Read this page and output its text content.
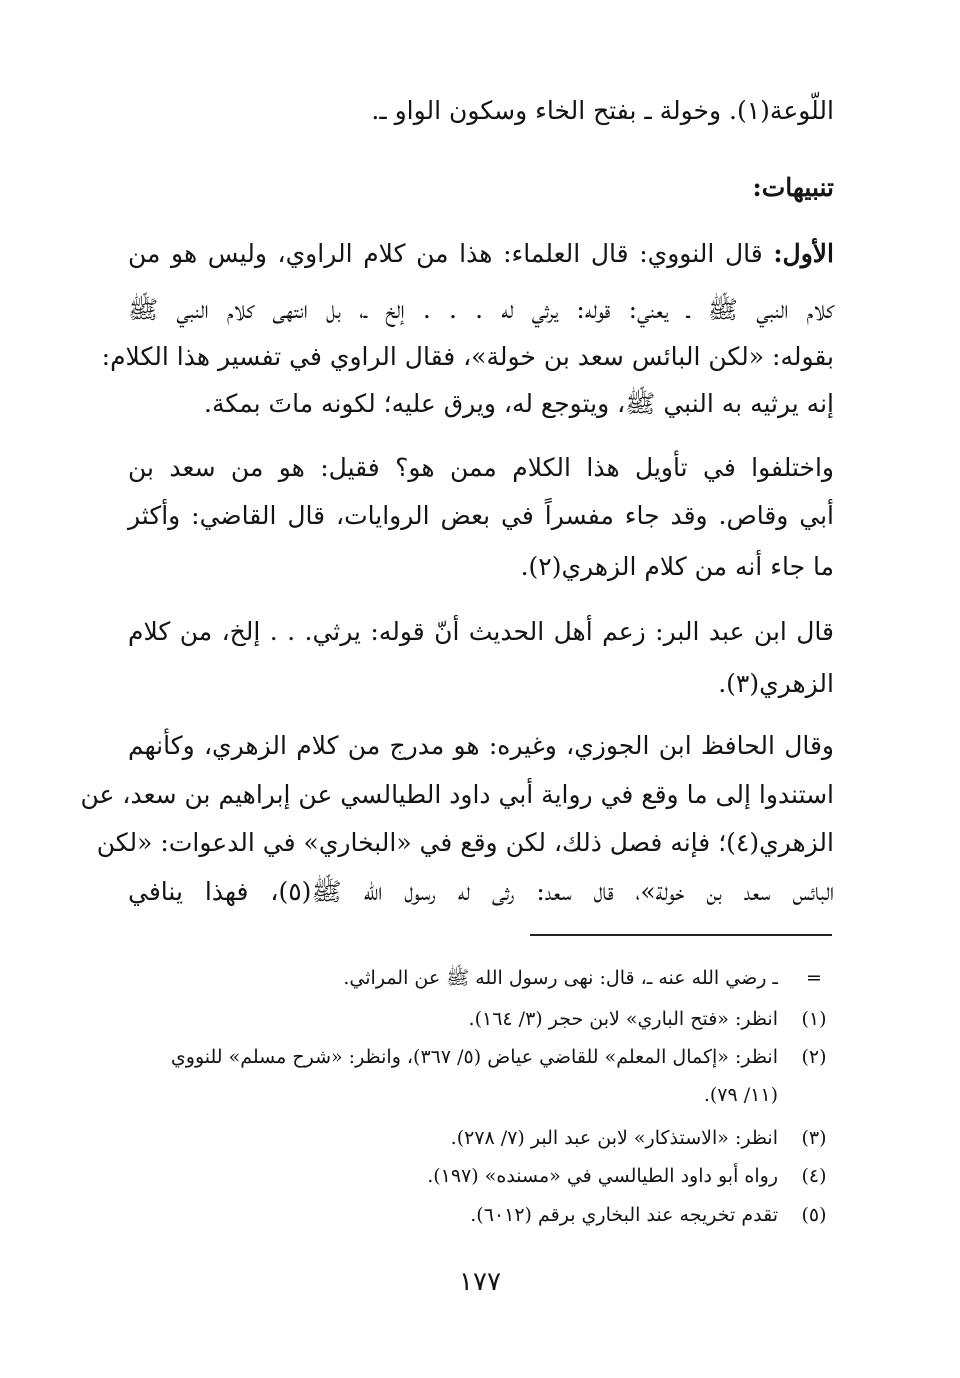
اللّوعة(١). وخولة ـ بفتح الخاء وسكون الواو ـ.
تنبيهات:
الأول: قال النووي: قال العلماء: هذا من كلام الراوي، وليس هو من
كلام النبي ﷺ ـ يعني: قوله: يرثي له . . . إلخ ـ، بل انتهى كلام النبي ﷺ
بقوله: «لكن البائس سعد بن خولة»، فقال الراوي في تفسير هذا الكلام:
إنه يرثيه به النبي ﷺ، ويتوجع له، ويرق عليه؛ لكونه ماتَ بمكة.
واختلفوا في تأويل هذا الكلام ممن هو؟ فقيل: هو من سعد بن
أبي وقاص. وقد جاء مفسراً في بعض الروايات، قال القاضي: وأكثر
ما جاء أنه من كلام الزهري(٢).
قال ابن عبد البر: زعم أهل الحديث أنّ قوله: يرثي. . . إلخ، من كلام
الزهري(٣).
وقال الحافظ ابن الجوزي، وغيره: هو مدرج من كلام الزهري، وكأنهم
استندوا إلى ما وقع في رواية أبي داود الطيالسي عن إبراهيم بن سعد، عن
الزهري(٤)؛ فإنه فصل ذلك، لكن وقع في «البخاري» في الدعوات: «لكن
البائس سعد بن خولة»، قال سعد: رثى له رسول الله ﷺ(٥)، فهذا ينافي
=
ـ رضي الله عنه ـ، قال: نهى رسول الله ﷺ عن المراثي.
(١)
انظر: «فتح الباري» لابن حجر (٣/ ١٦٤).
(٢)
انظر: «إكمال المعلم» للقاضي عياض (٥/ ٣٦٧)، وانظر: «شرح مسلم» للنووي
(١١/ ٧٩).
(٣)
انظر: «الاستذكار» لابن عبد البر (٧/ ٢٧٨).
(٤)
رواه أبو داود الطيالسي في «مسنده» (١٩٧).
(٥)
تقدم تخريجه عند البخاري برقم (٦٠١٢).
١٧٧
